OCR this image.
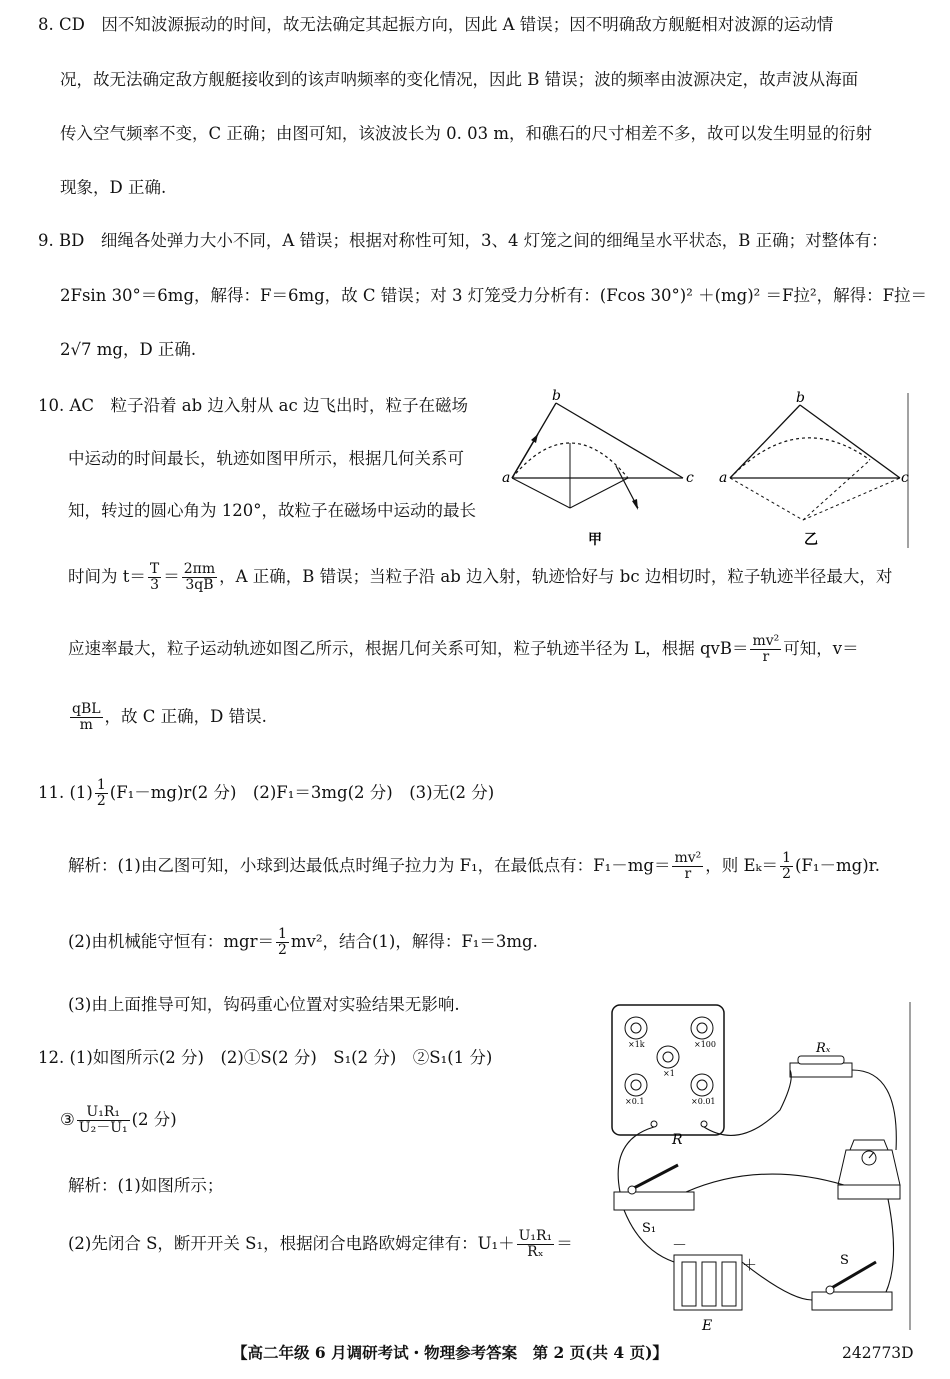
8. CD　因不知波源振动的时间，故无法确定其起振方向，因此 A 错误；因不明确敌方舰艇相对波源的运动情
况，故无法确定敌方舰艇接收到的该声呐频率的变化情况，因此 B 错误；波的频率由波源决定，故声波从海面
传入空气频率不变，C 正确；由图可知，该波波长为 0. 03 m，和礁石的尺寸相差不多，故可以发生明显的衍射
现象，D 正确.
9. BD　细绳各处弹力大小不同，A 错误；根据对称性可知，3、4 灯笼之间的细绳呈水平状态，B 正确；对整体有：
2Fsin 30°＝6mg，解得：F＝6mg，故 C 错误；对 3 灯笼受力分析有：(Fcos 30°)² ＋(mg)² ＝F拉²，解得：F拉＝
2√7 mg，D 正确.
10. AC　粒子沿着 ab 边入射从 ac 边飞出时，粒子在磁场
中运动的时间最长，轨迹如图甲所示，根据几何关系可
知，转过的圆心角为 120°，故粒子在磁场中运动的最长
时间为 $t= \frac{T}{3} = \frac{2\pi m}{3qB}$ ，A 正确，B 错误；当粒子沿 ab 边入射，轨迹恰好与 bc 边相切时，粒子轨迹半径最大，对
应速率最大，粒子运动轨迹如图乙所示，根据几何关系可知，粒子轨迹半径为 L，根据 $qvB= \frac{\text{mv²}}{r}$ 可知，v＝
$\frac{\text{qBL}}{m}$ ，故 C 正确，D 错误.
b
a	c
甲
b
a	c
乙
11. $(1) \frac{1}{2} (F_1-mg)r(2$ 分)　(2)F₁＝3mg(2 分)　(3)无(2 分)
解析：(1)由乙图可知，小球到达最低点时绳子拉力为 F₁，在最低点有：$F_1-mg= \frac{\text{mv²}}{r}$ ，则 $E_k= \frac{1}{2} (F_1-mg)r$.
(2)由机械能守恒有：$mgr= \frac{1}{2} mv^2$，结合(1)，解得：F₁＝3mg.
(3)由上面推导可知，钩码重心位置对实验结果无影响.
12. (1)如图所示(2 分)　(2)①S(2 分)　S₁(2 分)　②S₁(1 分)
③ $\frac{\text{U₁R₁}}{\text{U₂－U₁}} (2$ 分)
解析：(1)如图所示；
(2)先闭合 S，断开开关 S₁，根据闭合电路欧姆定律有：$U_1+ \frac{\text{U₁R₁}}{\text{Rₓ}}$ ＝
×1k	×100
×1
×0.1	×0.01
R
Rₓ
S₁
－
＋
E
S
【高二年级 6 月调研考试・物理参考答案　第 2 页(共 4 页)】	242773D
